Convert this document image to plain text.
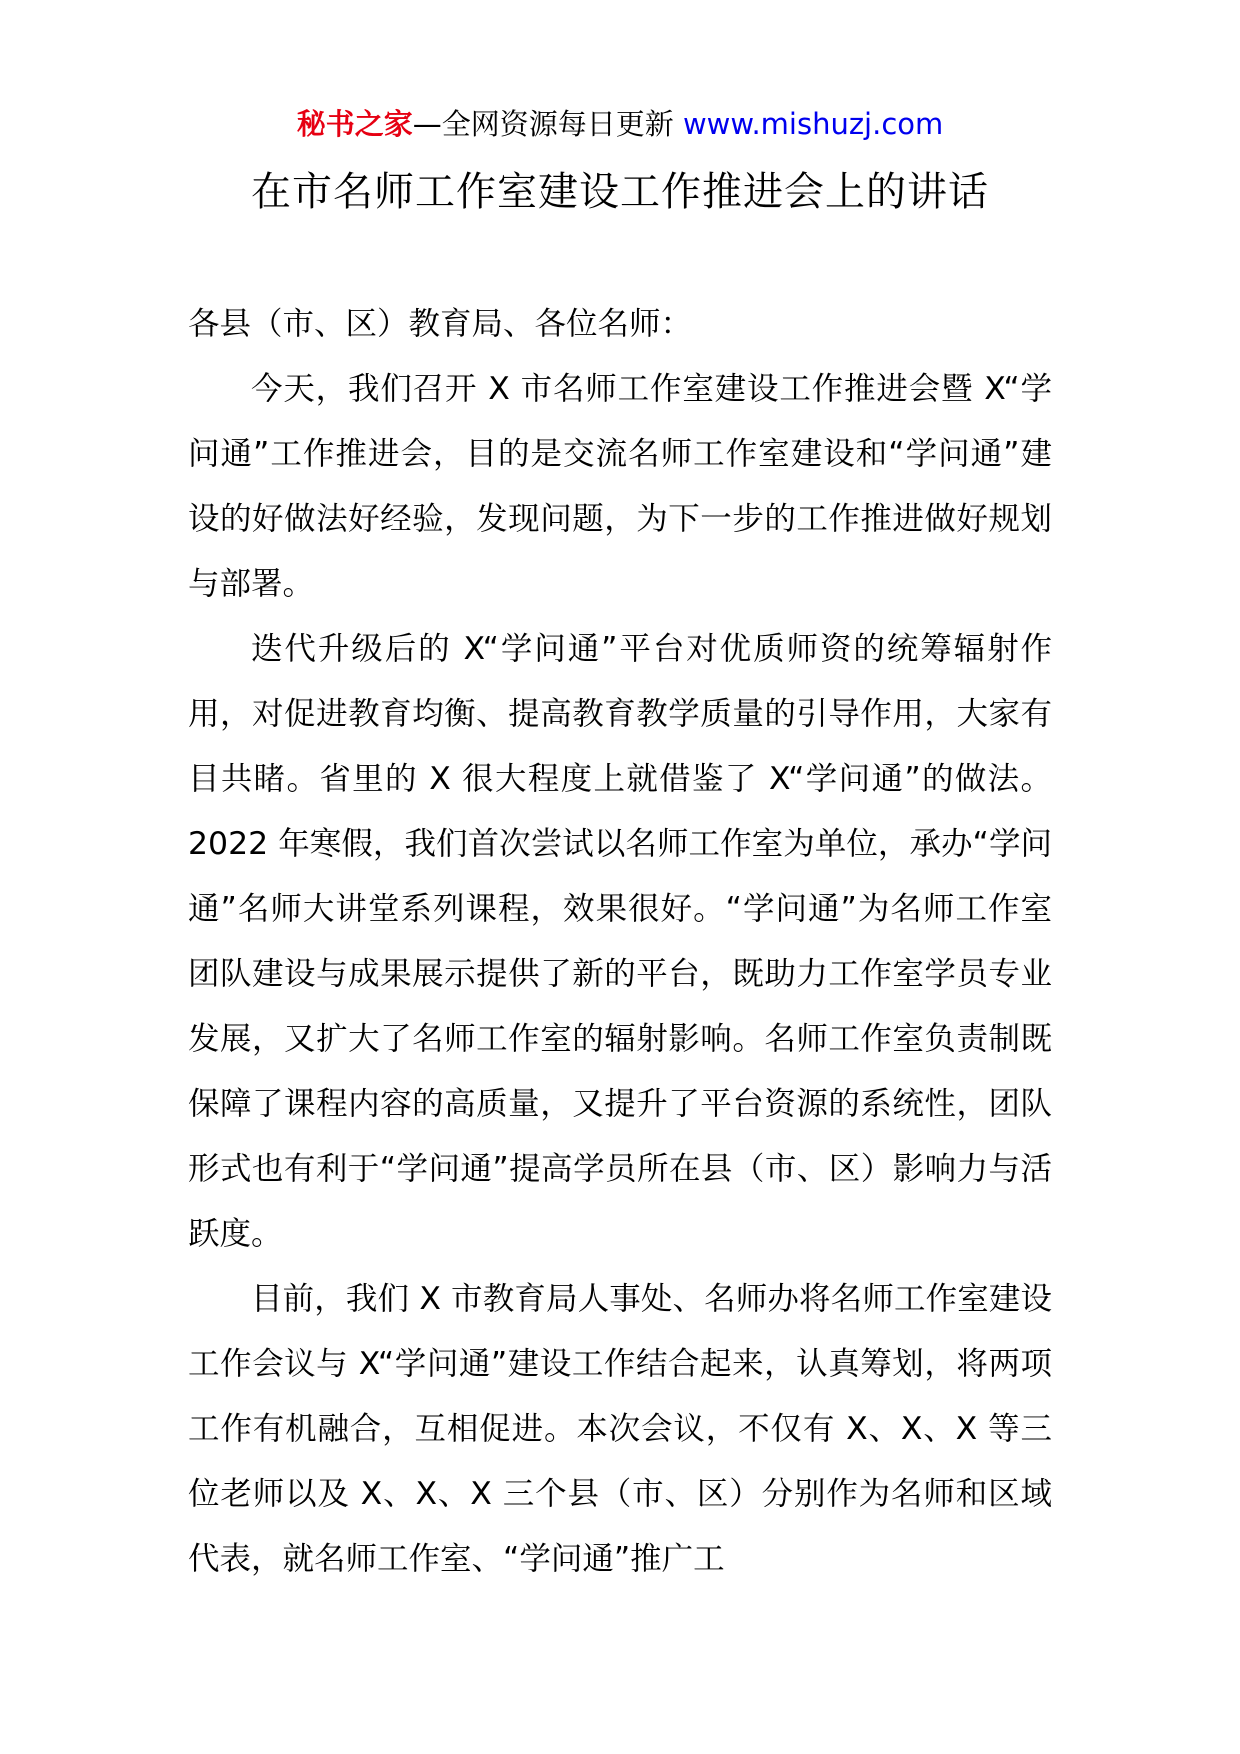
秘书之家—全网资源每日更新 www.mishuzj.com
在市名师工作室建设工作推进会上的讲话

各县（市、区）教育局、各位名师：

今天，我们召开 X 市名师工作室建设工作推进会暨 X“学问通”工作推进会，目的是交流名师工作室建设和“学问通”建设的好做法好经验，发现问题，为下一步的工作推进做好规划与部署。

迭代升级后的 X“学问通”平台对优质师资的统筹辐射作用，对促进教育均衡、提高教育教学质量的引导作用，大家有目共睹。省里的 X 很大程度上就借鉴了 X“学问通”的做法。2022 年寒假，我们首次尝试以名师工作室为单位，承办“学问通”名师大讲堂系列课程，效果很好。“学问通”为名师工作室团队建设与成果展示提供了新的平台，既助力工作室学员专业发展，又扩大了名师工作室的辐射影响。名师工作室负责制既保障了课程内容的高质量，又提升了平台资源的系统性，团队形式也有利于“学问通”提高学员所在县（市、区）影响力与活跃度。

目前，我们 X 市教育局人事处、名师办将名师工作室建设工作会议与 X“学问通”建设工作结合起来，认真筹划，将两项工作有机融合，互相促进。本次会议，不仅有 X、X、X 等三位老师以及 X、X、X 三个县（市、区）分别作为名师和区域代表，就名师工作室、“学问通”推广工
